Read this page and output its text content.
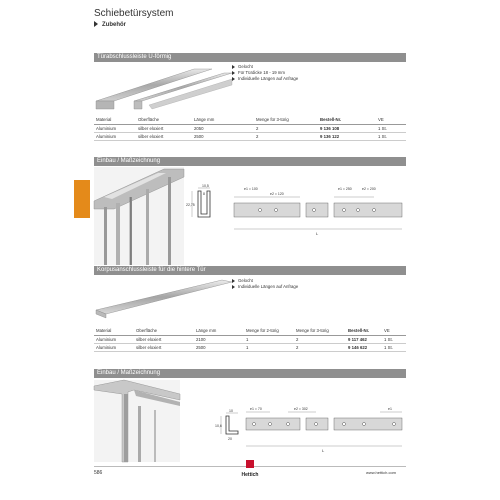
Schiebetürsystem
Zubehör
Türabschlussleiste U-förmig
Gelocht
Für Türdicke 18 - 19 mm
Individuelle Längen auf Anfrage
Material	Oberfläche	Länge mm	Menge für 3-türig	Bestell-Nr.	VE
Aluminium	silber eloxiert	2050	2	9 136 108	1 St.
Aluminium	silber eloxiert	2500	2	9 136 122	1 St.
Einbau / Maßzeichnung
10,5
22,75
8
e1 = 100
e2 = 120
e1 = 250	e2 = 200
L
Korpusanschlussleiste für die hintere Tür
Gelocht
Individuelle Längen auf Anfrage
Material	Oberfläche	Länge mm	Menge für 2-türig	Menge für 3-türig	Bestell-Nr.	VE
Aluminium	silber eloxiert	2100	1	2	9 117 462	1 St.
Aluminium	silber eloxiert	2500	1	2	9 146 622	1 St.
Einbau / Maßzeichnung
10
10,6
20
e1 = 70	e2 = 302	e1
L
586	Hettich	www.hettich.com
